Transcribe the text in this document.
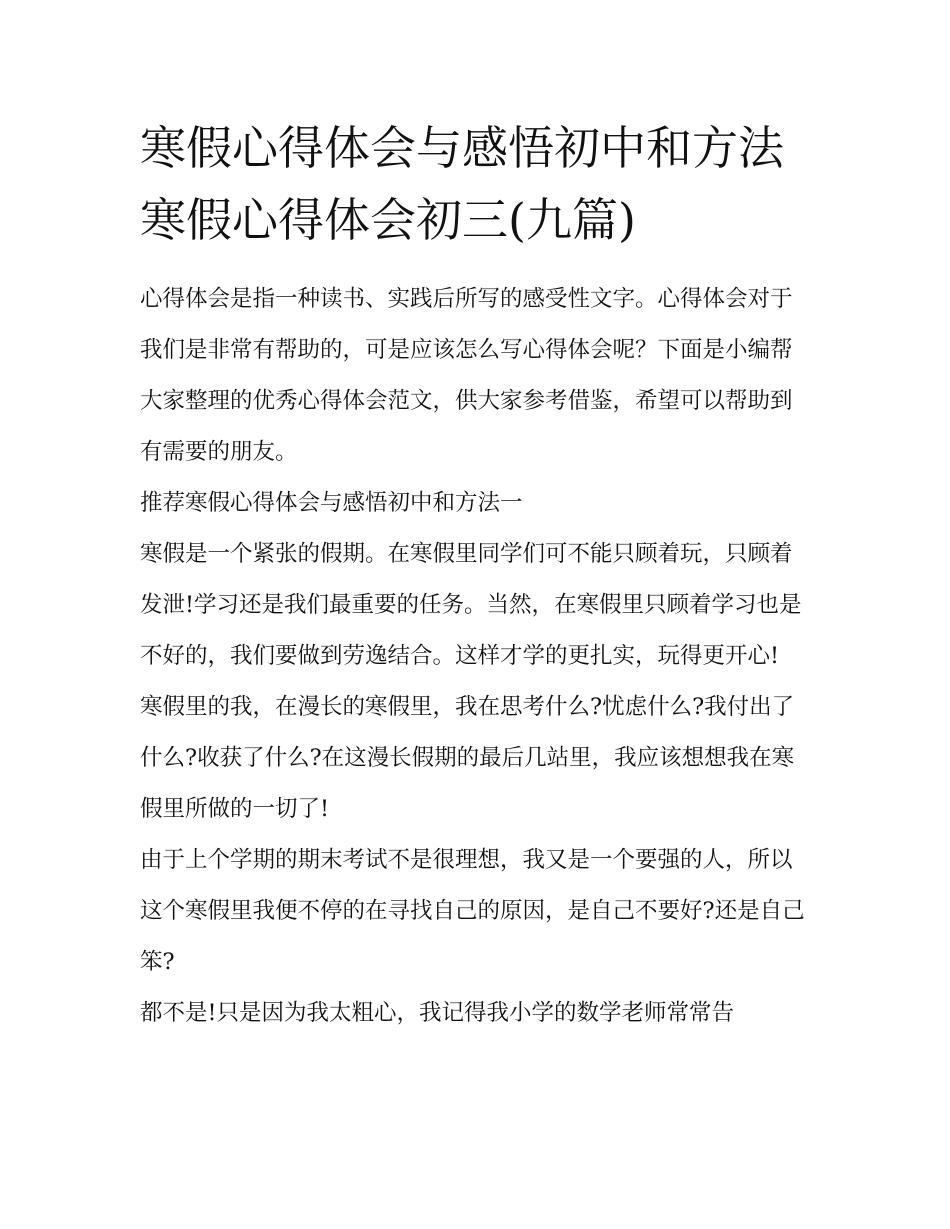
寒假心得体会与感悟初中和方法 寒假心得体会初三(九篇)

心得体会是指一种读书、实践后所写的感受性文字。心得体会对于我们是非常有帮助的，可是应该怎么写心得体会呢？下面是小编帮大家整理的优秀心得体会范文，供大家参考借鉴，希望可以帮助到有需要的朋友。

推荐寒假心得体会与感悟初中和方法一

寒假是一个紧张的假期。在寒假里同学们可不能只顾着玩，只顾着发泄!学习还是我们最重要的任务。当然，在寒假里只顾着学习也是不好的，我们要做到劳逸结合。这样才学的更扎实，玩得更开心!

寒假里的我，在漫长的寒假里，我在思考什么?忧虑什么?我付出了什么?收获了什么?在这漫长假期的最后几站里，我应该想想我在寒假里所做的一切了!

由于上个学期的期末考试不是很理想，我又是一个要强的人，所以这个寒假里我便不停的在寻找自己的原因，是自己不要好?还是自己笨?

都不是!只是因为我太粗心，我记得我小学的数学老师常常告
